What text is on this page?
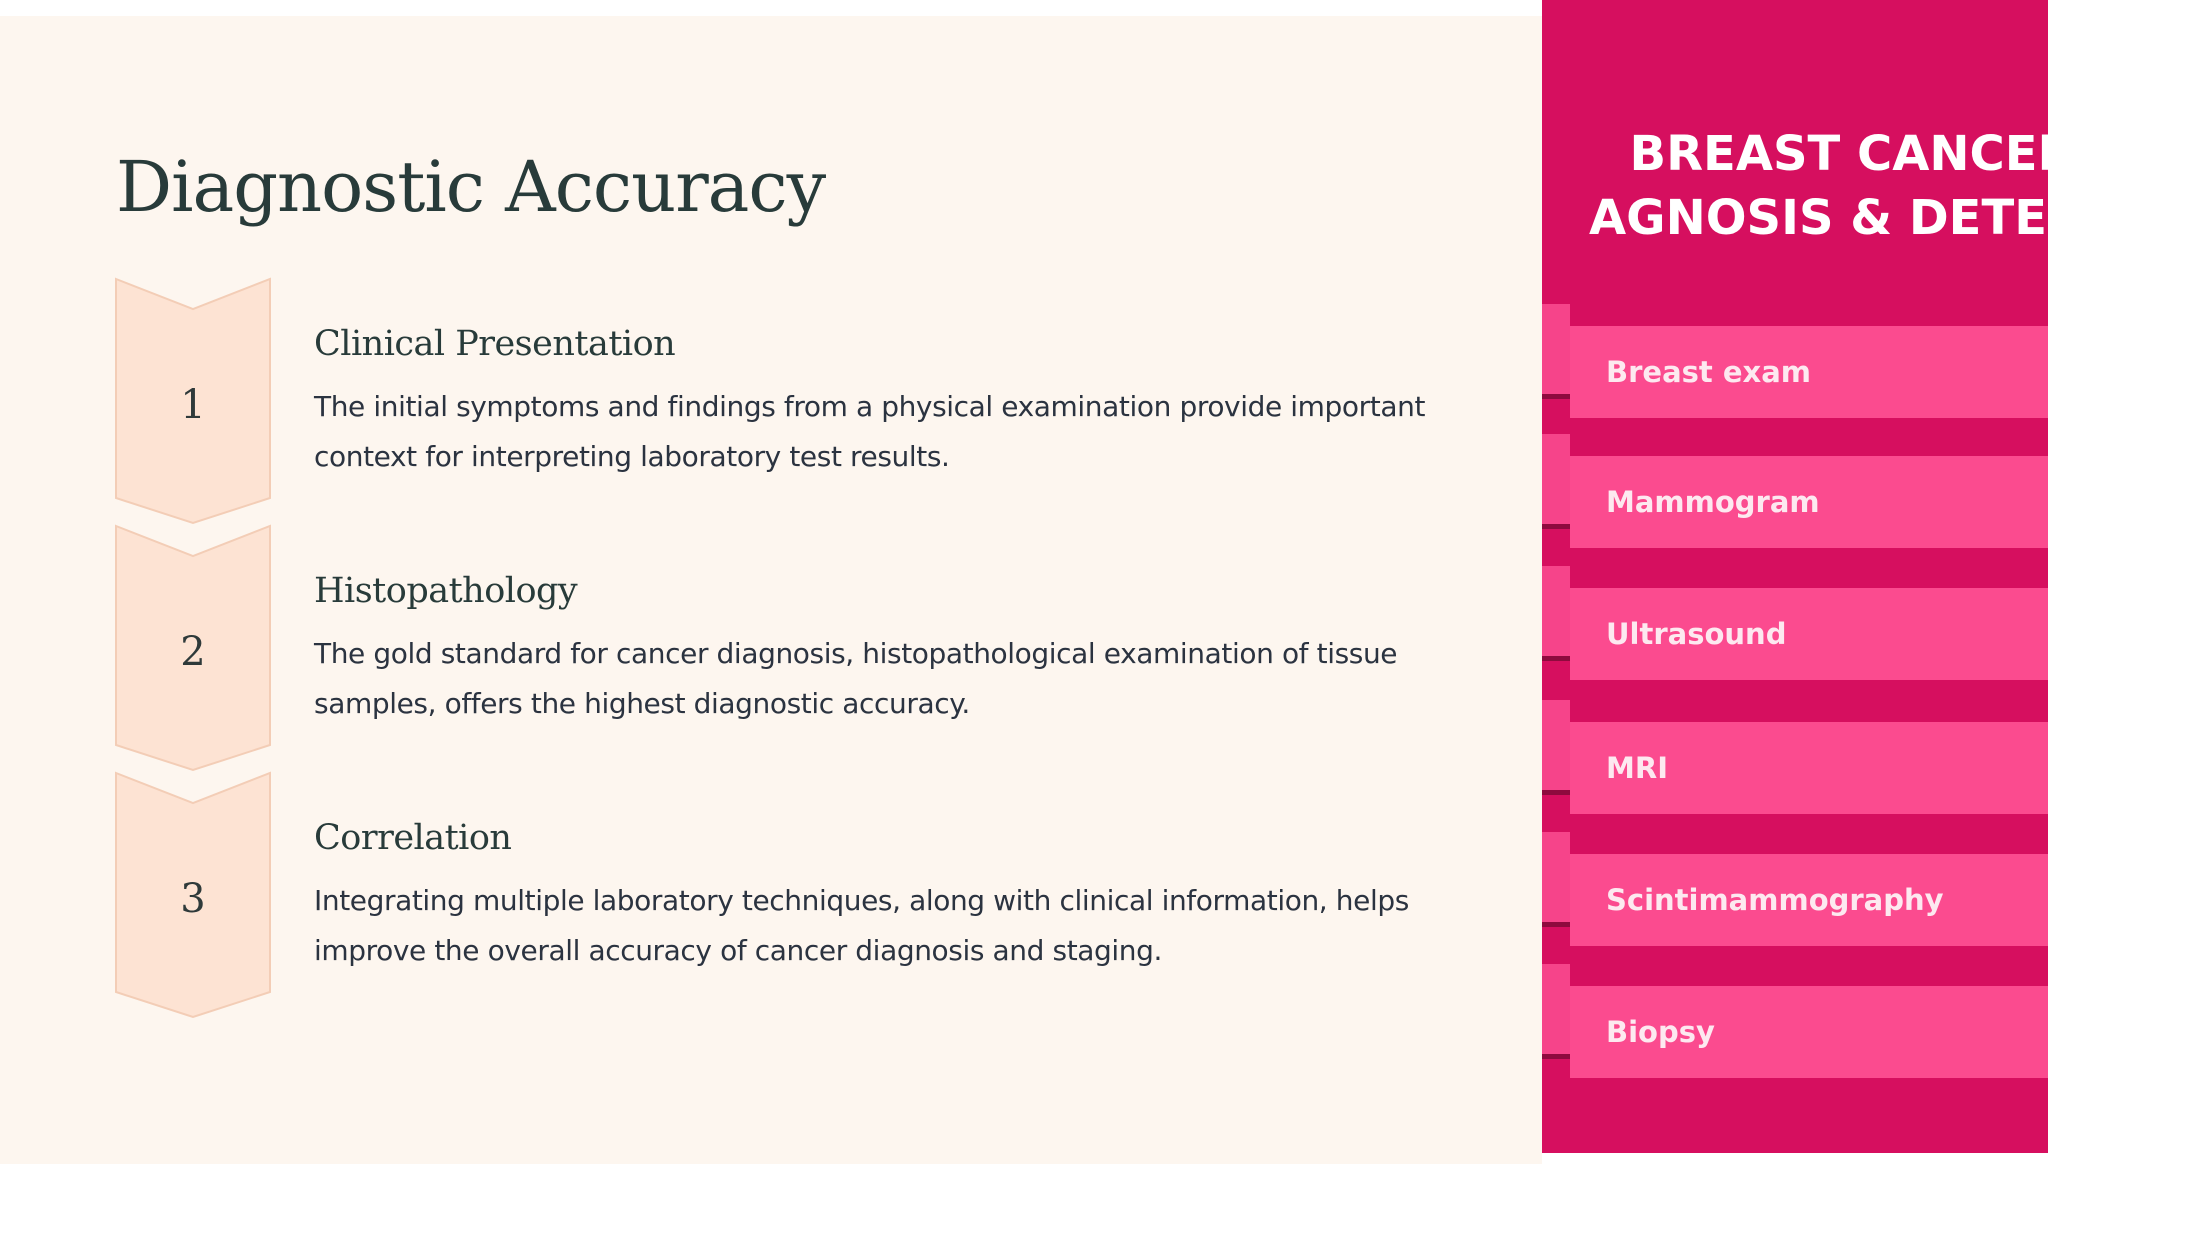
Diagnostic Accuracy
1
Clinical Presentation

The initial symptoms and findings from a physical examination provide important context for interpreting laboratory test results.

2
Histopathology

The gold standard for cancer diagnosis, histopathological examination of tissue samples, offers the highest diagnostic accuracy.

3
Correlation

Integrating multiple laboratory techniques, along with clinical information, helps improve the overall accuracy of cancer diagnosis and staging.

BREAST CANCER
AGNOSIS & DETECT
Breast exam
Mammogram
Ultrasound
MRI
Scintimammography
Biopsy
